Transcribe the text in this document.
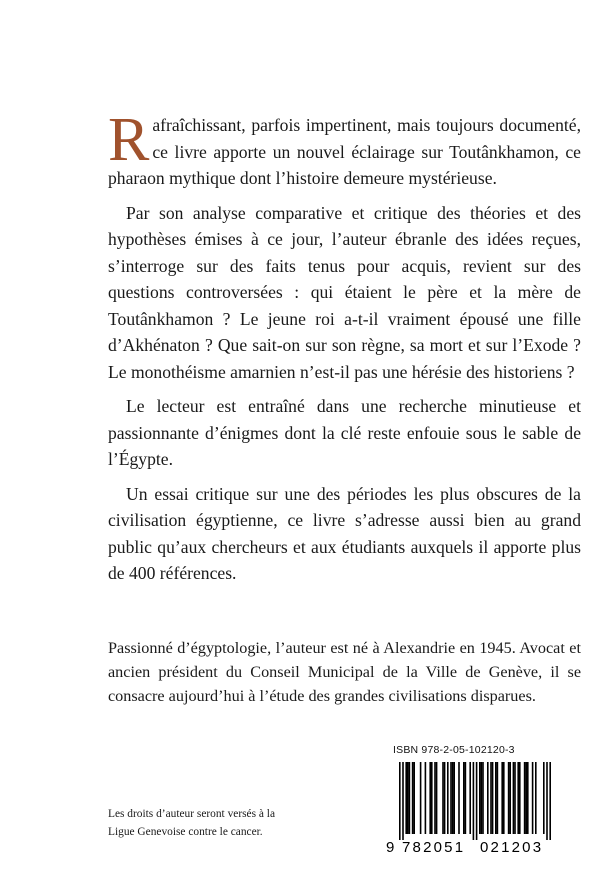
Rafraîchissant, parfois impertinent, mais toujours documenté, ce livre apporte un nouvel éclairage sur Toutânkhamon, ce pharaon mythique dont l’histoire demeure mystérieuse.

Par son analyse comparative et critique des théories et des hypothèses émises à ce jour, l’auteur ébranle des idées reçues, s’interroge sur des faits tenus pour acquis, revient sur des questions controversées : qui étaient le père et la mère de Toutânkhamon ? Le jeune roi a-t-il vraiment épousé une fille d’Akhénaton ? Que sait-on sur son règne, sa mort et sur l’Exode ? Le monothéisme amarnien n’est-il pas une hérésie des historiens ?

Le lecteur est entraîné dans une recherche minutieuse et passionnante d’énigmes dont la clé reste enfouie sous le sable de l’Égypte.

Un essai critique sur une des périodes les plus obscures de la civilisation égyptienne, ce livre s’adresse aussi bien au grand public qu’aux chercheurs et aux étudiants auxquels il apporte plus de 400 références.

Passionné d’égyptologie, l’auteur est né à Alexandrie en 1945. Avocat et ancien président du Conseil Municipal de la Ville de Genève, il se consacre aujourd’hui à l’étude des grandes civilisations disparues.

Les droits d’auteur seront versés à la
Ligue Genevoise contre le cancer.

ISBN 978-2-05-102120-3
9 782051 021203
